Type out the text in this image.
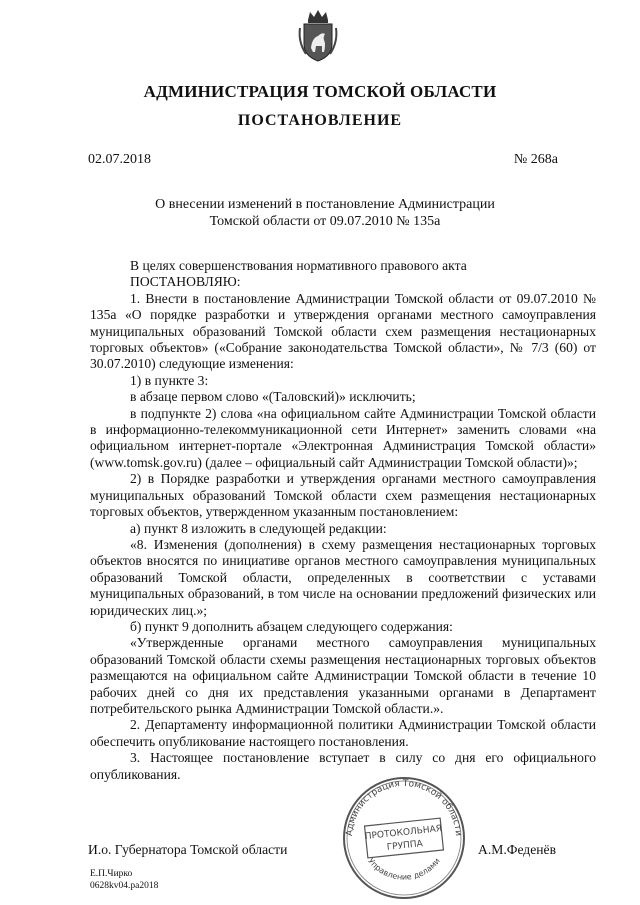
АДМИНИСТРАЦИЯ ТОМСКОЙ ОБЛАСТИ
ПОСТАНОВЛЕНИЕ
02.07.2018	№ 268а
О внесении изменений в постановление Администрации
Томской области от 09.07.2010 № 135а

В целях совершенствования нормативного правового акта

ПОСТАНОВЛЯЮ:

1. Внести в постановление Администрации Томской области от 09.07.2010 № 135а «О порядке разработки и утверждения органами местного самоуправления муниципальных образований Томской области схем размещения нестационарных торговых объектов» («Собрание законодательства Томской области», № 7/3 (60) от 30.07.2010) следующие изменения:

1) в пункте 3:

в абзаце первом слово «(Таловский)» исключить;

в подпункте 2) слова «на официальном сайте Администрации Томской области в информационно-телекоммуникационной сети Интернет» заменить словами «на официальном интернет-портале «Электронная Администрация Томской области» (www.tomsk.gov.ru) (далее – официальный сайт Администрации Томской области)»;

2) в Порядке разработки и утверждения органами местного самоуправления муниципальных образований Томской области схем размещения нестационарных торговых объектов, утвержденном указанным постановлением:

а) пункт 8 изложить в следующей редакции:

«8. Изменения (дополнения) в схему размещения нестационарных торговых объектов вносятся по инициативе органов местного самоуправления муниципальных образований Томской области, определенных в соответствии с уставами муниципальных образований, в том числе на основании предложений физических или юридических лиц.»;

б) пункт 9 дополнить абзацем следующего содержания:

«Утвержденные органами местного самоуправления муниципальных образований Томской области схемы размещения нестационарных торговых объектов размещаются на официальном сайте Администрации Томской области в течение 10 рабочих дней со дня их представления указанными органами в Департамент потребительского рынка Администрации Томской области.».

2. Департаменту информационной политики Администрации Томской области обеспечить опубликование настоящего постановления.

3. Настоящее постановление вступает в силу со дня его официального опубликования.

Администрация Томской области
ПРОТОКОЛЬНАЯ
ГРУППА
Управление делами
И.о. Губернатора Томской области	А.М.Феденёв
Е.П.Чирко
0628kv04.pa2018
